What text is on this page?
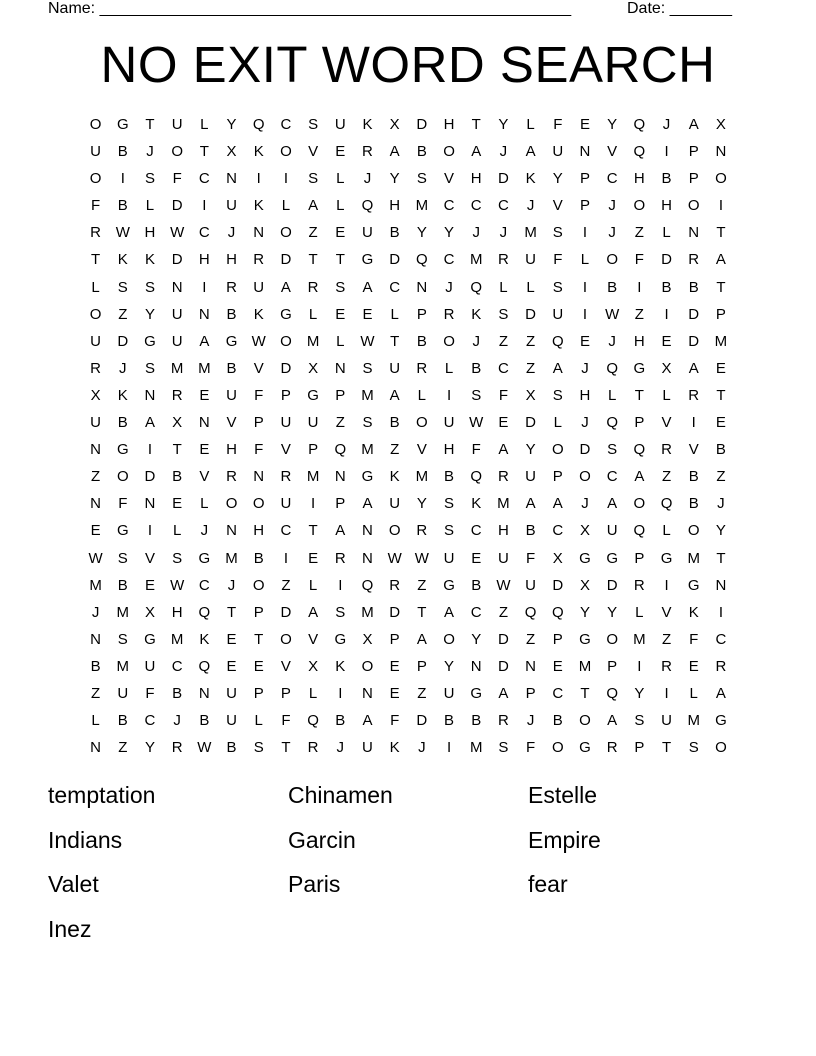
Name: _____________________________________________________	Date: _______
NO EXIT WORD SEARCH
O	G	T	U	L	Y	Q	C	S	U	K	X	D	H	T	Y	L	F	E	Y	Q	J	A	X
U	B	J	O	T	X	K	O	V	E	R	A	B	O	A	J	A	U	N	V	Q	I	P	N
O	I	S	F	C	N	I	I	S	L	J	Y	S	V	H	D	K	Y	P	C	H	B	P	O
F	B	L	D	I	U	K	L	A	L	Q	H	M	C	C	C	J	V	P	J	O	H	O	I
R W H W C	J	N	O	Z	E	U	B	Y	Y	J	J	M	S	I	J	Z	L	N	T
T	K	K	D	H	H	R	D	T	T	G	D	Q	C	M	R	U	F	L	O	F	D	R	A
L	S	S	N	I	R	U	A	R	S	A	C	N	J	Q	L	L	S	I	B	I	B	B	T
O	Z	Y	U	N	B	K	G	L	E	E	L	P	R	K	S	D	U	I	W	Z	I	D	P
U	D	G	U	A	G W O	M	L	W	T	B	O	J	Z	Z	Q	E	J	H	E	D	M
R	J	S	M M	B	V	D	X	N	S	U	R	L	B	C	Z	A	J	Q	G	X	A	E
X	K	N	R	E	U	F	P	G	P	M	A	L	I	S	F	X	S	H	L	T	L	R	T
U	B	A	X	N	V	P	U	U	Z	S	B	O	U W	E	D	L	J	Q	P	V	I	E
N	G	I	T	E	H	F	V	P	Q	M	Z	V	H	F	A	Y	O	D	S	Q	R	V	B
Z	O	D	B	V	R	N	R	M	N	G	K	M	B	Q	R	U	P	O	C	A	Z	B	Z
N	F	N	E	L	O	O	U	I	P	A	U	Y	S	K	M	A	A	J	A	O	Q	B	J
E	G	I	L	J	N	H	C	T	A	N	O	R	S	C	H	B	C	X	U	Q	L	O	Y
W	S	V	S	G	M	B	I	E	R	N W W U	E	U	F	X	G	G	P	G	M	T
M	B	E	W C	J	O	Z	L	I	Q	R	Z	G	B	W U	D	X	D	R	I	G	N
J	M	X	H	Q	T	P	D	A	S	M	D	T	A	C	Z	Q	Q	Y	Y	L	V	K	I
N	S	G	M	K	E	T	O	V	G	X	P	A	O	Y	D	Z	P	G	O	M	Z	F	C
B	M	U	C	Q	E	E	V	X	K	O	E	P	Y	N	D	N	E	M	P	I	R	E	R
Z	U	F	B	N	U	P	P	L	I	N	E	Z	U	G	A	P	C	T	Q	Y	I	L	A
L	B	C	J	B	U	L	F	Q	B	A	F	D	B	B	R	J	B	O	A	S	U	M	G
N	Z	Y	R W	B	S	T	R	J	U	K	J	I	M	S	F	O	G	R	P	T	S	O
temptation	Chinamen	Estelle
Indians	Garcin	Empire
Valet	Paris	fear
Inez
